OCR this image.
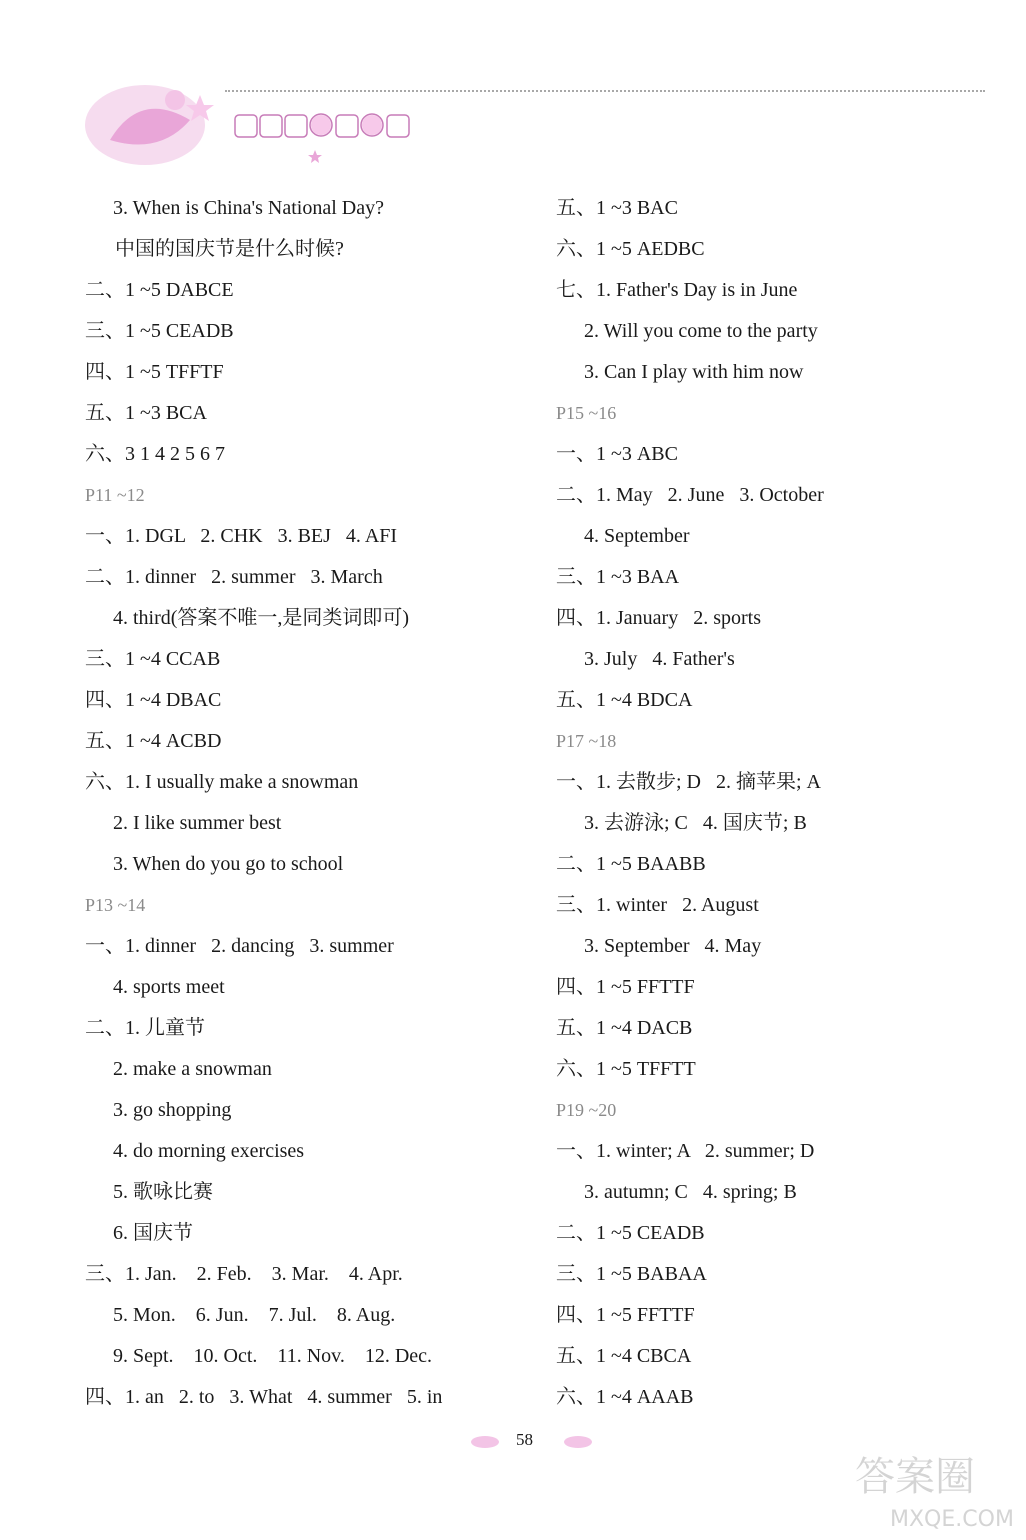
3. When is China's National Day?
中国的国庆节是什么时候?
二、1 ~5 DABCE
三、1 ~5 CEADB
四、1 ~5 TFFTF
五、1 ~3 BCA
六、3 1 4 2 5 6 7
P11 ~12
一、1. DGL   2. CHK   3. BEJ   4. AFI
二、1. dinner   2. summer   3. March
4. third(答案不唯一,是同类词即可)
三、1 ~4 CCAB
四、1 ~4 DBAC
五、1 ~4 ACBD
六、1. I usually make a snowman
2. I like summer best
3. When do you go to school
P13 ~14
一、1. dinner   2. dancing   3. summer
4. sports meet
二、1. 儿童节
2. make a snowman
3. go shopping
4. do morning exercises
5. 歌咏比赛
6. 国庆节
三、1. Jan.    2. Feb.    3. Mar.    4. Apr.
5. Mon.    6. Jun.    7. Jul.    8. Aug.
9. Sept.    10. Oct.    11. Nov.    12. Dec.
四、1. an   2. to   3. What   4. summer   5. in
五、1 ~3 BAC
六、1 ~5 AEDBC
七、1. Father's Day is in June
2. Will you come to the party
3. Can I play with him now
P15 ~16
一、1 ~3 ABC
二、1. May   2. June   3. October
4. September
三、1 ~3 BAA
四、1. January   2. sports
3. July   4. Father's
五、1 ~4 BDCA
P17 ~18
一、1. 去散步; D   2. 摘苹果; A
3. 去游泳; C   4. 国庆节; B
二、1 ~5 BAABB
三、1. winter   2. August
3. September   4. May
四、1 ~5 FFTTF
五、1 ~4 DACB
六、1 ~5 TFFTT
P19 ~20
一、1. winter; A   2. summer; D
3. autumn; C   4. spring; B
二、1 ~5 CEADB
三、1 ~5 BABAA
四、1 ~5 FFTTF
五、1 ~4 CBCA
六、1 ~4 AAAB
58
答案圈
MXQE.COM
